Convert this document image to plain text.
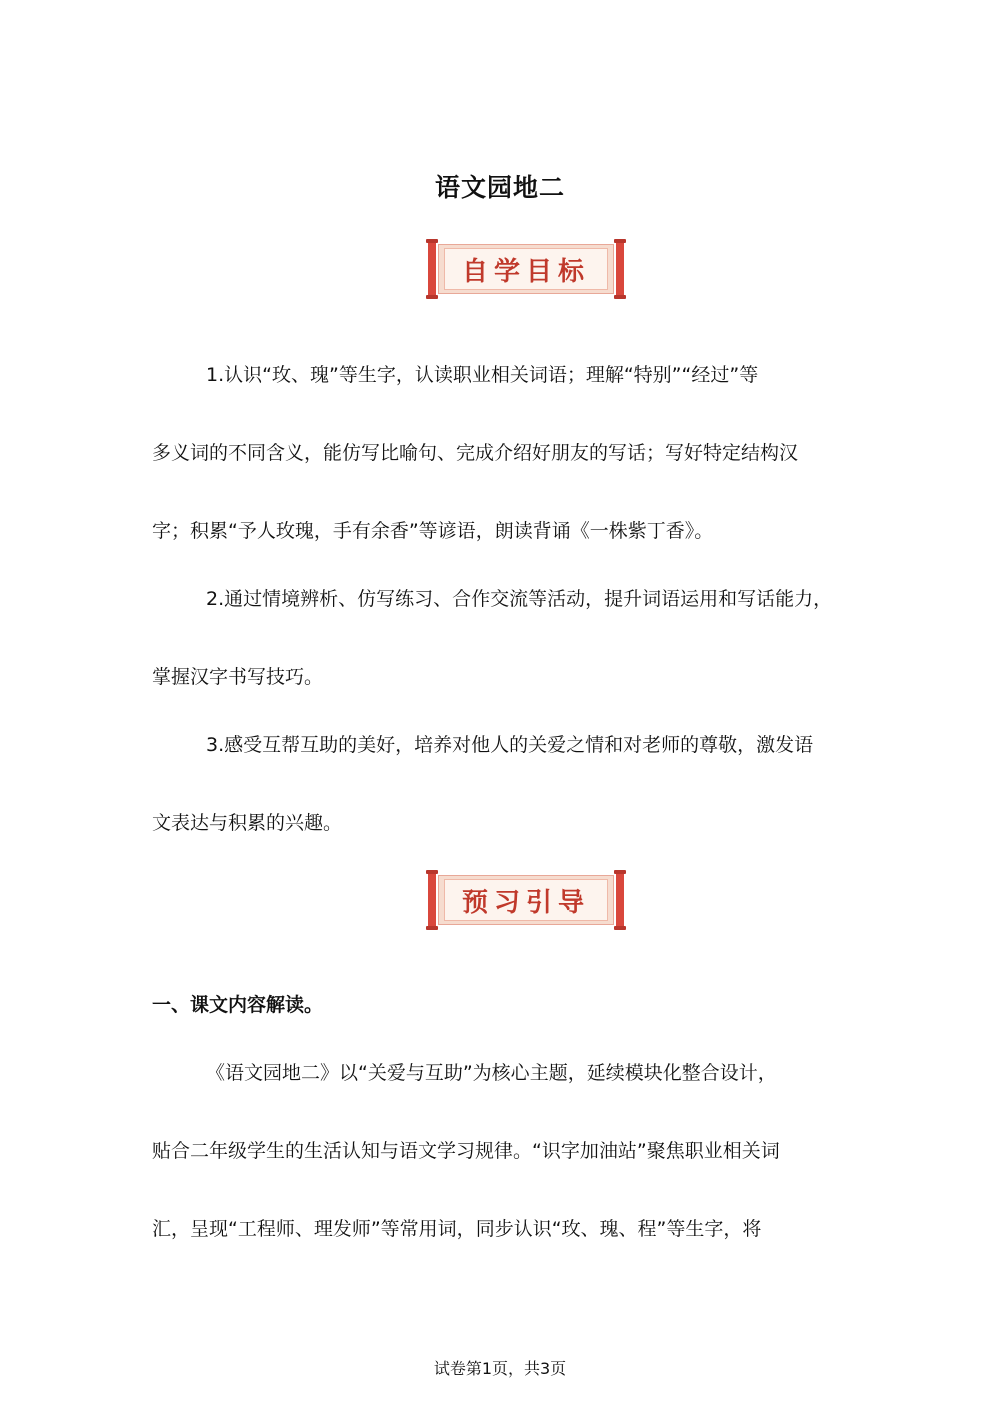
语文园地二
自学目标
1.认识“玫、瑰”等生字，认读职业相关词语；理解“特别”“经过”等
多义词的不同含义，能仿写比喻句、完成介绍好朋友的写话；写好特定结构汉
字；积累“予人玫瑰，手有余香”等谚语，朗读背诵《一株紫丁香》。
2.通过情境辨析、仿写练习、合作交流等活动，提升词语运用和写话能力，
掌握汉字书写技巧。
3.感受互帮互助的美好，培养对他人的关爱之情和对老师的尊敬，激发语
文表达与积累的兴趣。
预习引导
一、课文内容解读。
《语文园地二》以“关爱与互助”为核心主题，延续模块化整合设计，
贴合二年级学生的生活认知与语文学习规律。“识字加油站”聚焦职业相关词
汇，呈现“工程师、理发师”等常用词，同步认识“玫、瑰、程”等生字，将
试卷第1页，共3页
